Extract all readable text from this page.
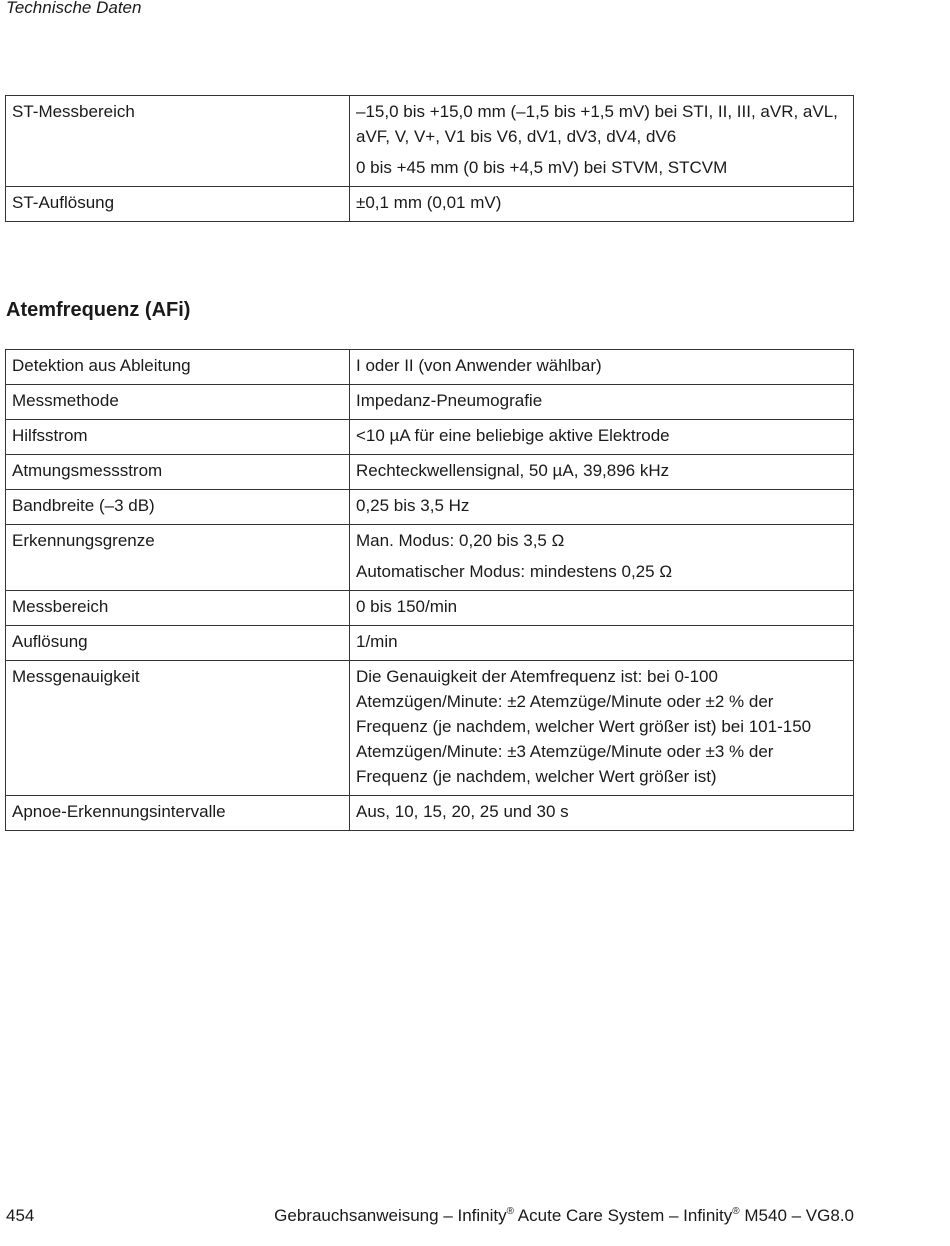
Technische Daten
ST-Messbereich	–15,0 bis +15,0 mm (–1,5 bis +1,5 mV) bei STI, II, III, aVR, aVL, aVF, V, V+, V1 bis V6, dV1, dV3, dV4, dV6

0 bis +45 mm (0 bis +4,5 mV) bei STVM, STCVM

ST-Auflösung	±0,1 mm (0,01 mV)

Atemfrequenz (AFi)
Detektion aus Ableitung	I oder II (von Anwender wählbar)

Messmethode	Impedanz-Pneumografie

Hilfsstrom	<10 µA für eine beliebige aktive Elektrode

Atmungsmessstrom	Rechteckwellensignal, 50 µA, 39,896 kHz

Bandbreite (–3 dB)	0,25 bis 3,5 Hz

Erkennungsgrenze	Man. Modus: 0,20 bis 3,5 Ω

Automatischer Modus: mindestens 0,25 Ω

Messbereich	0 bis 150/min

Auflösung	1/min

Messgenauigkeit	Die Genauigkeit der Atemfrequenz ist: bei 0-100 Atemzügen/Minute: ±2 Atemzüge/Minute oder ±2 % der Frequenz (je nachdem, welcher Wert größer ist) bei 101-150 Atemzügen/Minute: ±3 Atemzüge/Minute oder ±3 % der Frequenz (je nachdem, welcher Wert größer ist)

Apnoe-Erkennungsintervalle	Aus, 10, 15, 20, 25 und 30 s

454	Gebrauchsanweisung – Infinity® Acute Care System – Infinity® M540 – VG8.0
